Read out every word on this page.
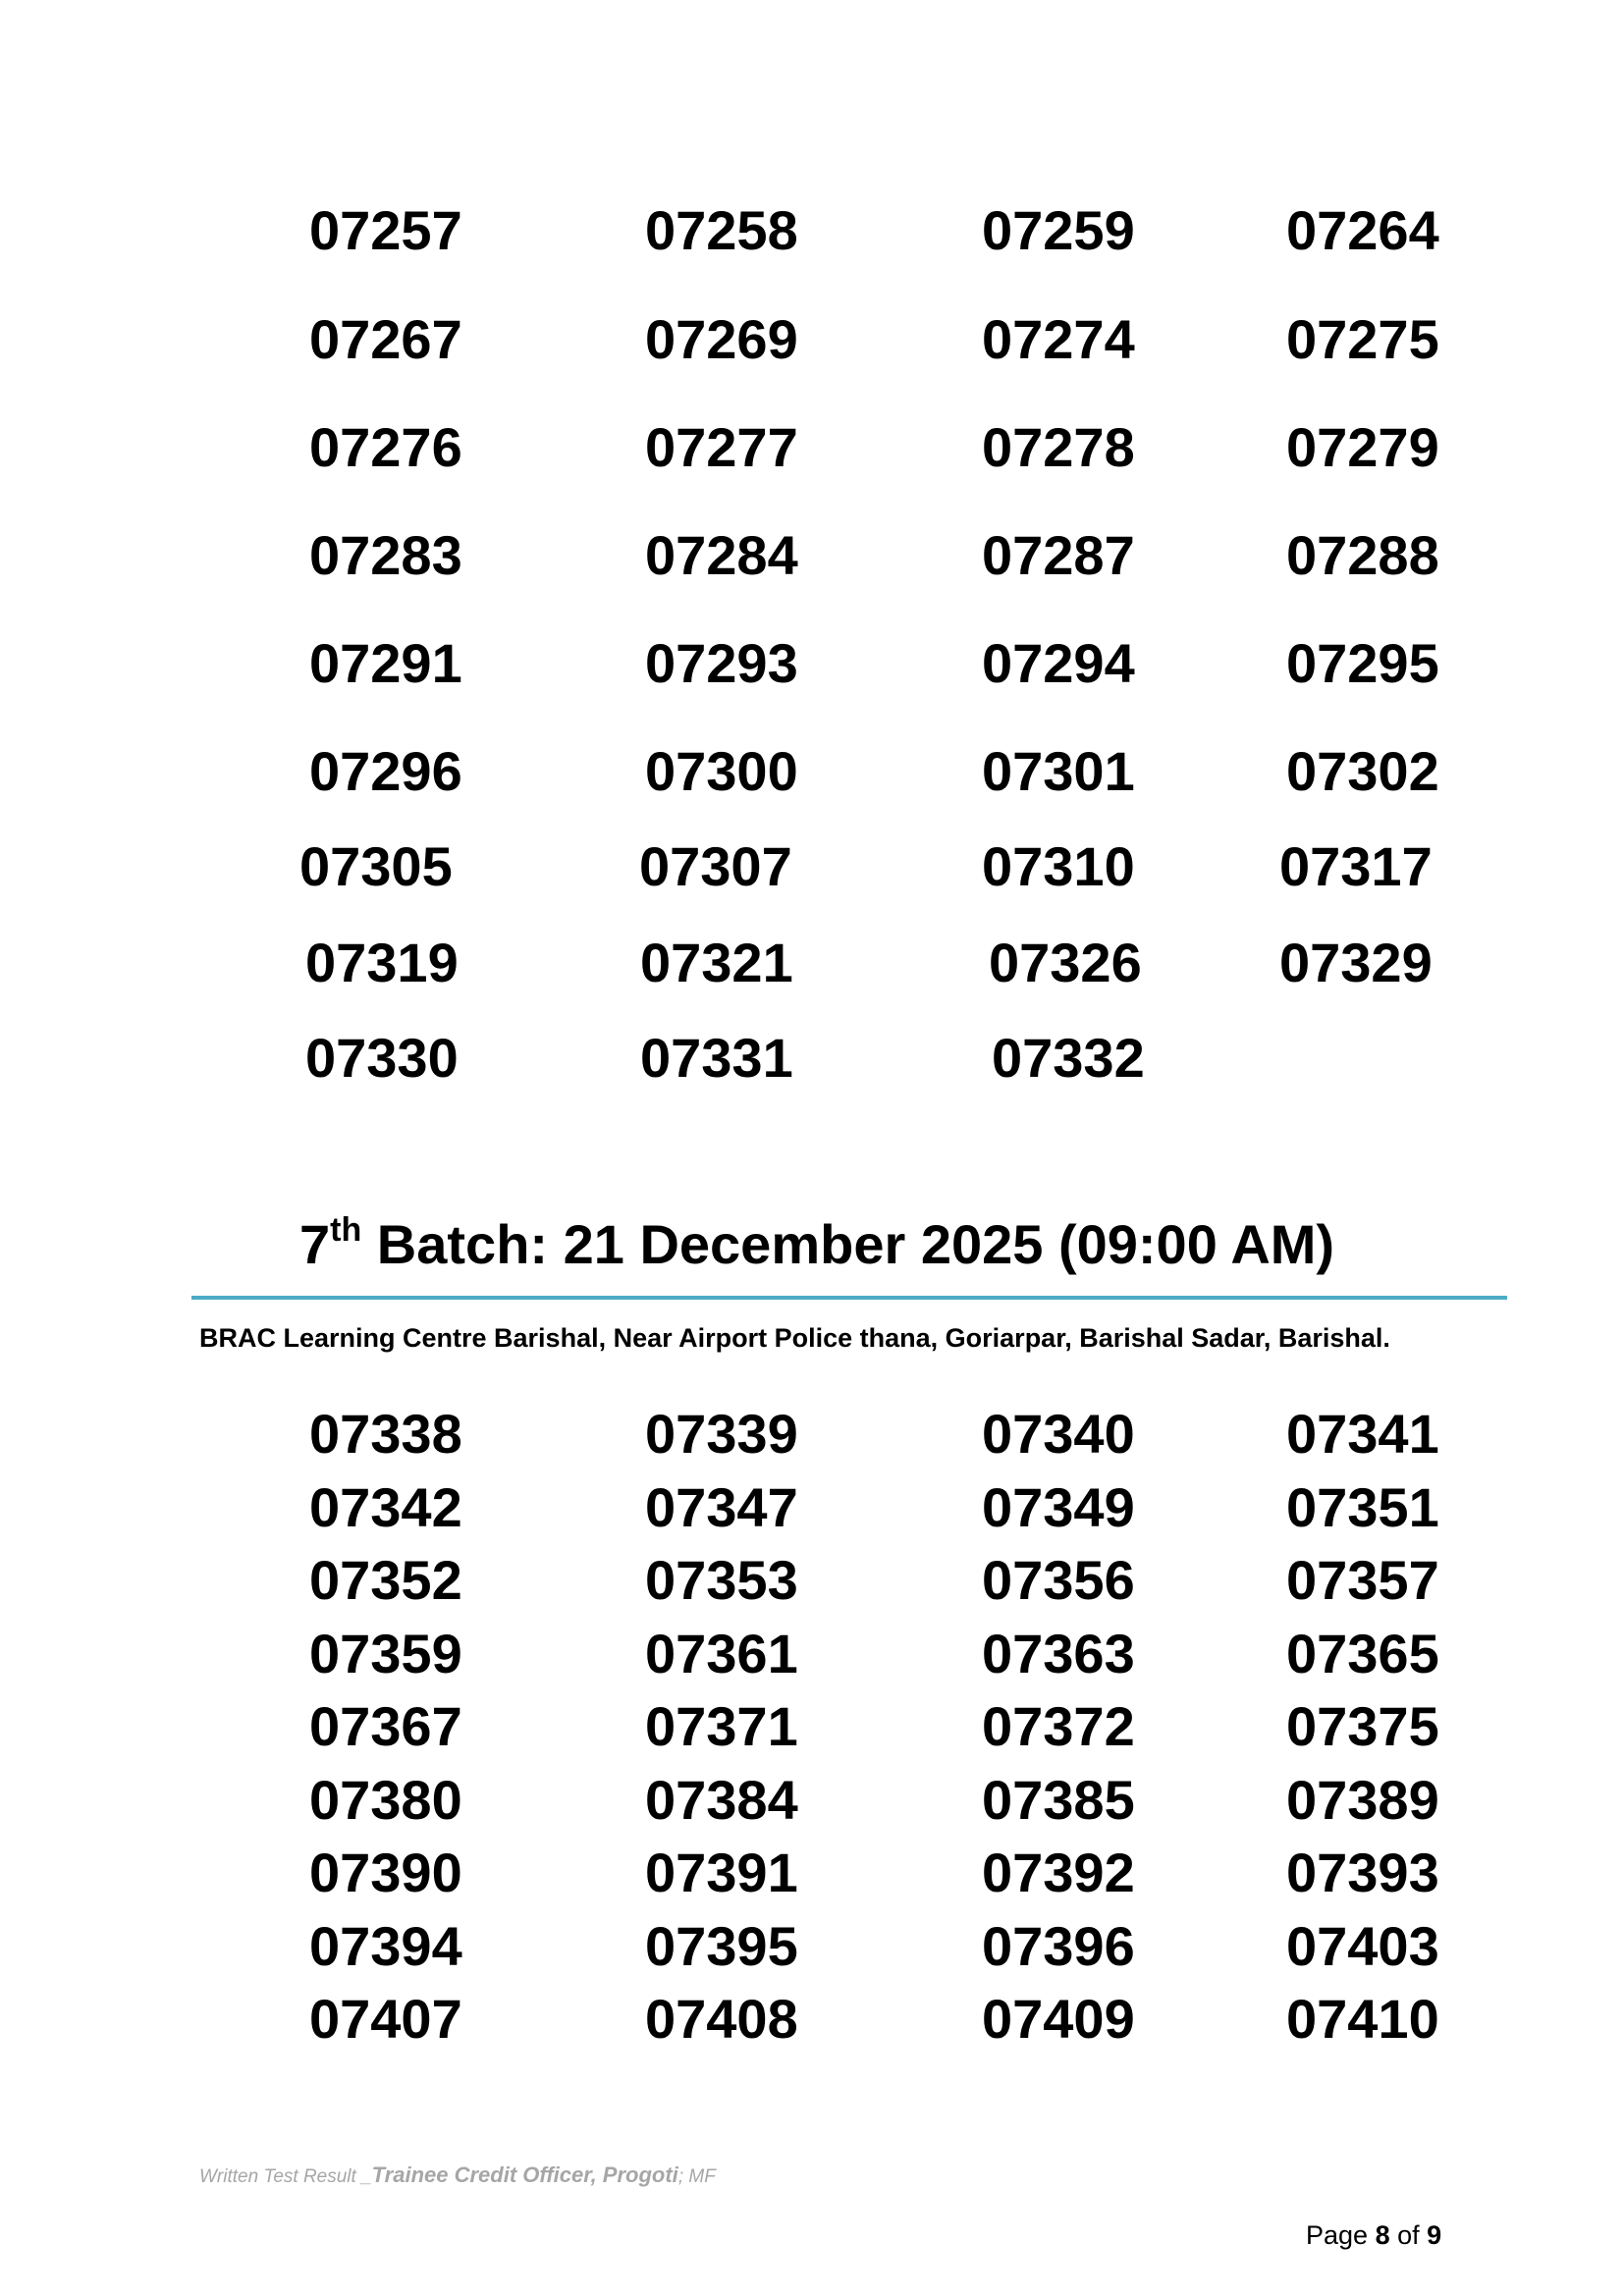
07257	07258	07259	07264
07267	07269	07274	07275
07276	07277	07278	07279
07283	07284	07287	07288
07291	07293	07294	07295
07296	07300	07301	07302
07305	07307	07310	07317
07319	07321	07326	07329
07330	07331	07332
7th Batch: 21 December 2025 (09:00 AM)
BRAC Learning Centre Barishal, Near Airport Police thana, Goriarpar, Barishal Sadar, Barishal.
07338	07339	07340	07341
07342	07347	07349	07351
07352	07353	07356	07357
07359	07361	07363	07365
07367	07371	07372	07375
07380	07384	07385	07389
07390	07391	07392	07393
07394	07395	07396	07403
07407	07408	07409	07410
Written Test Result _Trainee Credit Officer, Progoti; MF
Page 8 of 9
